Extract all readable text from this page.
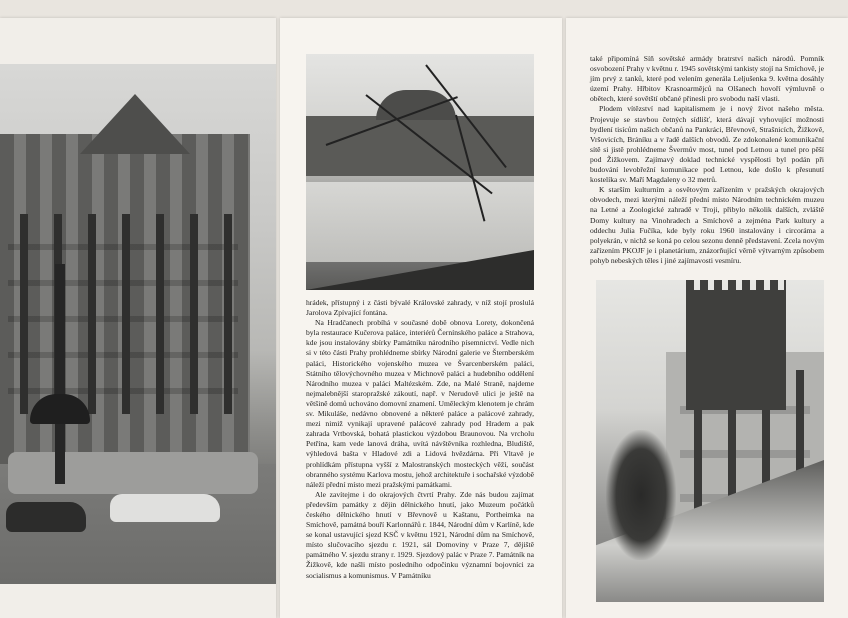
hrádek, přístupný i z části bývalé Královské zahrady, v níž stojí proslulá Jarolova Zpívající fontána.

Na Hradčanech probíhá v současné době obnova Lorety, dokončená byla restaurace Kučerova paláce, interiérů Černínského paláce a Strahova, kde jsou instalovány sbírky Památníku národního písemnictví. Vedle nich si v této části Prahy prohlédneme sbírky Národní galerie ve Šternberském paláci, Historického vojenského muzea ve Švarcenberském paláci, Státního tělovýchovného muzea v Michnově paláci a hudebního oddělení Národního muzea v paláci Maltézském. Zde, na Malé Straně, najdeme nejmalebnější staropražské zákoutí, např. v Nerudově ulici je ještě na většině domů uchováno domovní znamení. Uměleckým klenotem je chrám sv. Mikuláše, nedávno obnovené a některé paláce a palácové zahrady, mezi nimiž vynikají upravené palácové zahrady pod Hradem a pak zahrada Vrtbovská, bohatá plastickou výzdobou Braunovou. Na vrcholu Petřína, kam vede lanová dráha, uvítá návštěvníka rozhledna, Bludiště, výhledová bašta v Hladové zdi a Lidová hvězdárna. Při Vltavě je prohlídkám přístupna vyšší z Malostranských mosteckých věží, součást obranného systému Karlova mostu, jehož architektuře i sochařské výzdobě náleží přední místo mezi pražskými památkami.

Ale zavítejme i do okrajových čtvrtí Prahy. Zde nás budou zajímat především památky z dějin dělnického hnutí, jako Muzeum počátků českého dělnického hnutí v Břevnově u Kaštanu, Portheimka na Smíchově, památná bouří Karlonnářů r. 1844, Národní dům v Karlíně, kde se konal ustavující sjezd KSČ v květnu 1921, Národní dům na Smíchově, místo slučovacího sjezdu r. 1921, sál Domoviny v Praze 7, dějiště památného V. sjezdu strany r. 1929. Sjezdový palác v Praze 7. Památník na Žižkově, kde našli místo posledního odpočinku významní bojovníci za socialismus a komunismus. V Památníku

také připomíná Síň sovětské armády bratrství našich národů. Pomník osvobození Prahy v květnu r. 1945 sovětskými tankisty stojí na Smíchově, je jím prvý z tanků, které pod velením generála Leljušenka 9. května dosáhly území Prahy. Hřbitov Krasnoarmějců na Olšanech hovoří výmluvně o obětech, které sovětští občané přinesli pro svobodu naší vlasti.

Plodem vítězství nad kapitalismem je i nový život našeho města. Projevuje se stavbou četných sídlišť, která dávají vyhovující možnosti bydlení tisícům našich občanů na Pankráci, Břevnově, Strašnicích, Žižkově, Vršovicích, Bráníku a v řadě dalších obvodů. Ze zdokonalené komunikační sítě si jistě prohlédneme Švermův most, tunel pod Letnou a tunel pro pěší pod Žižkovem. Zajímavý doklad technické vyspělosti byl podán při budování levobřežní komunikace pod Letnou, kde došlo k přesunutí kostelíka sv. Maří Magdaleny o 32 metrů.

K starším kulturním a osvětovým zařízením v pražských okrajových obvodech, mezi kterými náleží přední místo Národním technickém muzeu na Letné a Zoologické zahradě v Troji, přibylo několik dalších, zvláště Domy kultury na Vinohradech a Smíchově a zejména Park kultury a oddechu Julia Fučíka, kde byly roku 1960 instalovány i circoráma a polyekrán, v nichž se koná po celou sezonu denně představení. Zcela novým zařízením PKOJF je i planetárium, znázorňující věrně výtvarným způsobem pohyb nebeských těles i jiné zajímavosti vesmíru.
